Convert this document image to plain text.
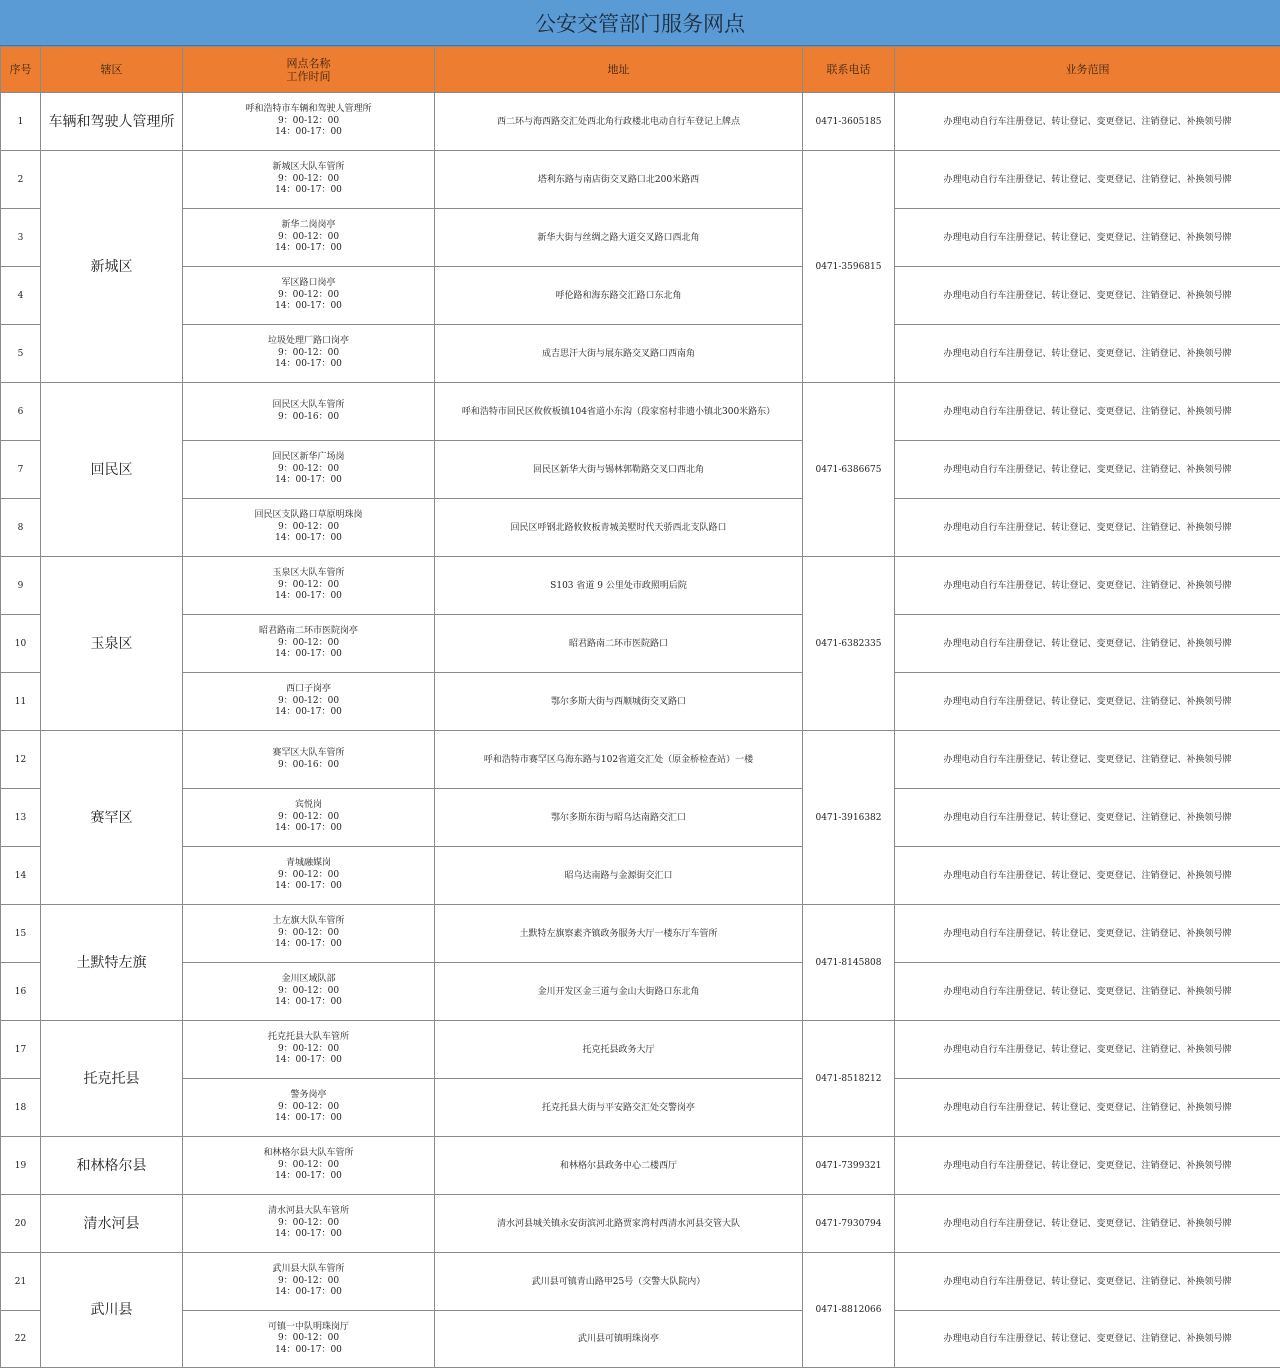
公安交管部门服务网点
序号	辖区	网点名称
工作时间	地址	联系电话	业务范围
1	车辆和驾驶人管理所	呼和浩特市车辆和驾驶人管理所
9：00-12：00
14：00-17：00	西二环与海西路交汇处西北角行政楼北电动自行车登记上牌点	0471-3605185	办理电动自行车注册登记、转让登记、变更登记、注销登记、补换领号牌
2	新城区	新城区大队车管所
9：00-12：00
14：00-17：00	塔利东路与南店街交叉路口北200米路西	0471-3596815	办理电动自行车注册登记、转让登记、变更登记、注销登记、补换领号牌
3		新华二岗岗亭
9：00-12：00
14：00-17：00	新华大街与丝绸之路大道交叉路口西北角		办理电动自行车注册登记、转让登记、变更登记、注销登记、补换领号牌
4		军区路口岗亭
9：00-12：00
14：00-17：00	呼伦路和海东路交汇路口东北角		办理电动自行车注册登记、转让登记、变更登记、注销登记、补换领号牌
5		垃圾处理厂路口岗亭
9：00-12：00
14：00-17：00	成吉思汗大街与展东路交叉路口西南角		办理电动自行车注册登记、转让登记、变更登记、注销登记、补换领号牌
6	回民区	回民区大队车管所
9：00-16：00	呼和浩特市回民区攸攸板镇104省道小东沟（段家窑村非遗小镇北300米路东）	0471-6386675	办理电动自行车注册登记、转让登记、变更登记、注销登记、补换领号牌
7		回民区新华广场岗
9：00-12：00
14：00-17：00	回民区新华大街与锡林郭勒路交叉口西北角		办理电动自行车注册登记、转让登记、变更登记、注销登记、补换领号牌
8		回民区支队路口草原明珠岗
9：00-12：00
14：00-17：00	回民区呼钢北路攸攸板青城美墅时代天骄西北支队路口		办理电动自行车注册登记、转让登记、变更登记、注销登记、补换领号牌
9	玉泉区	玉泉区大队车管所
9：00-12：00
14：00-17：00	S103 省道 9 公里处市政照明后院	0471-6382335	办理电动自行车注册登记、转让登记、变更登记、注销登记、补换领号牌
10		昭君路南二环市医院岗亭
9：00-12：00
14：00-17：00	昭君路南二环市医院路口		办理电动自行车注册登记、转让登记、变更登记、注销登记、补换领号牌
11		西口子岗亭
9：00-12：00
14：00-17：00	鄂尔多斯大街与西顺城街交叉路口		办理电动自行车注册登记、转让登记、变更登记、注销登记、补换领号牌
12	赛罕区	赛罕区大队车管所
9：00-16：00	呼和浩特市赛罕区乌海东路与102省道交汇处（原金桥检查站）一楼	0471-3916382	办理电动自行车注册登记、转让登记、变更登记、注销登记、补换领号牌
13		宾悦岗
9：00-12：00
14：00-17：00	鄂尔多斯东街与昭乌达南路交汇口		办理电动自行车注册登记、转让登记、变更登记、注销登记、补换领号牌
14		青城融媒岗
9：00-12：00
14：00-17：00	昭乌达南路与金源街交汇口		办理电动自行车注册登记、转让登记、变更登记、注销登记、补换领号牌
15	土默特左旗	土左旗大队车管所
9：00-12：00
14：00-17：00	土默特左旗察素齐镇政务服务大厅一楼东厅车管所	0471-8145808	办理电动自行车注册登记、转让登记、变更登记、注销登记、补换领号牌
16		金川区域队部
9：00-12：00
14：00-17：00	金川开发区金三道与金山大街路口东北角		办理电动自行车注册登记、转让登记、变更登记、注销登记、补换领号牌
17	托克托县	托克托县大队车管所
9：00-12：00
14：00-17：00	托克托县政务大厅	0471-8518212	办理电动自行车注册登记、转让登记、变更登记、注销登记、补换领号牌
18		警务岗亭
9：00-12：00
14：00-17：00	托克托县大街与平安路交汇处交警岗亭		办理电动自行车注册登记、转让登记、变更登记、注销登记、补换领号牌
19	和林格尔县	和林格尔县大队车管所
9：00-12：00
14：00-17：00	和林格尔县政务中心二楼西厅	0471-7399321	办理电动自行车注册登记、转让登记、变更登记、注销登记、补换领号牌
20	清水河县	清水河县大队车管所
9：00-12：00
14：00-17：00	清水河县城关镇永安街滨河北路贾家湾村西清水河县交管大队	0471-7930794	办理电动自行车注册登记、转让登记、变更登记、注销登记、补换领号牌
21	武川县	武川县大队车管所
9：00-12：00
14：00-17：00	武川县可镇青山路甲25号（交警大队院内）	0471-8812066	办理电动自行车注册登记、转让登记、变更登记、注销登记、补换领号牌
22		可镇一中队明珠岗厅
9：00-12：00
14：00-17：00	武川县可镇明珠岗亭		办理电动自行车注册登记、转让登记、变更登记、注销登记、补换领号牌
